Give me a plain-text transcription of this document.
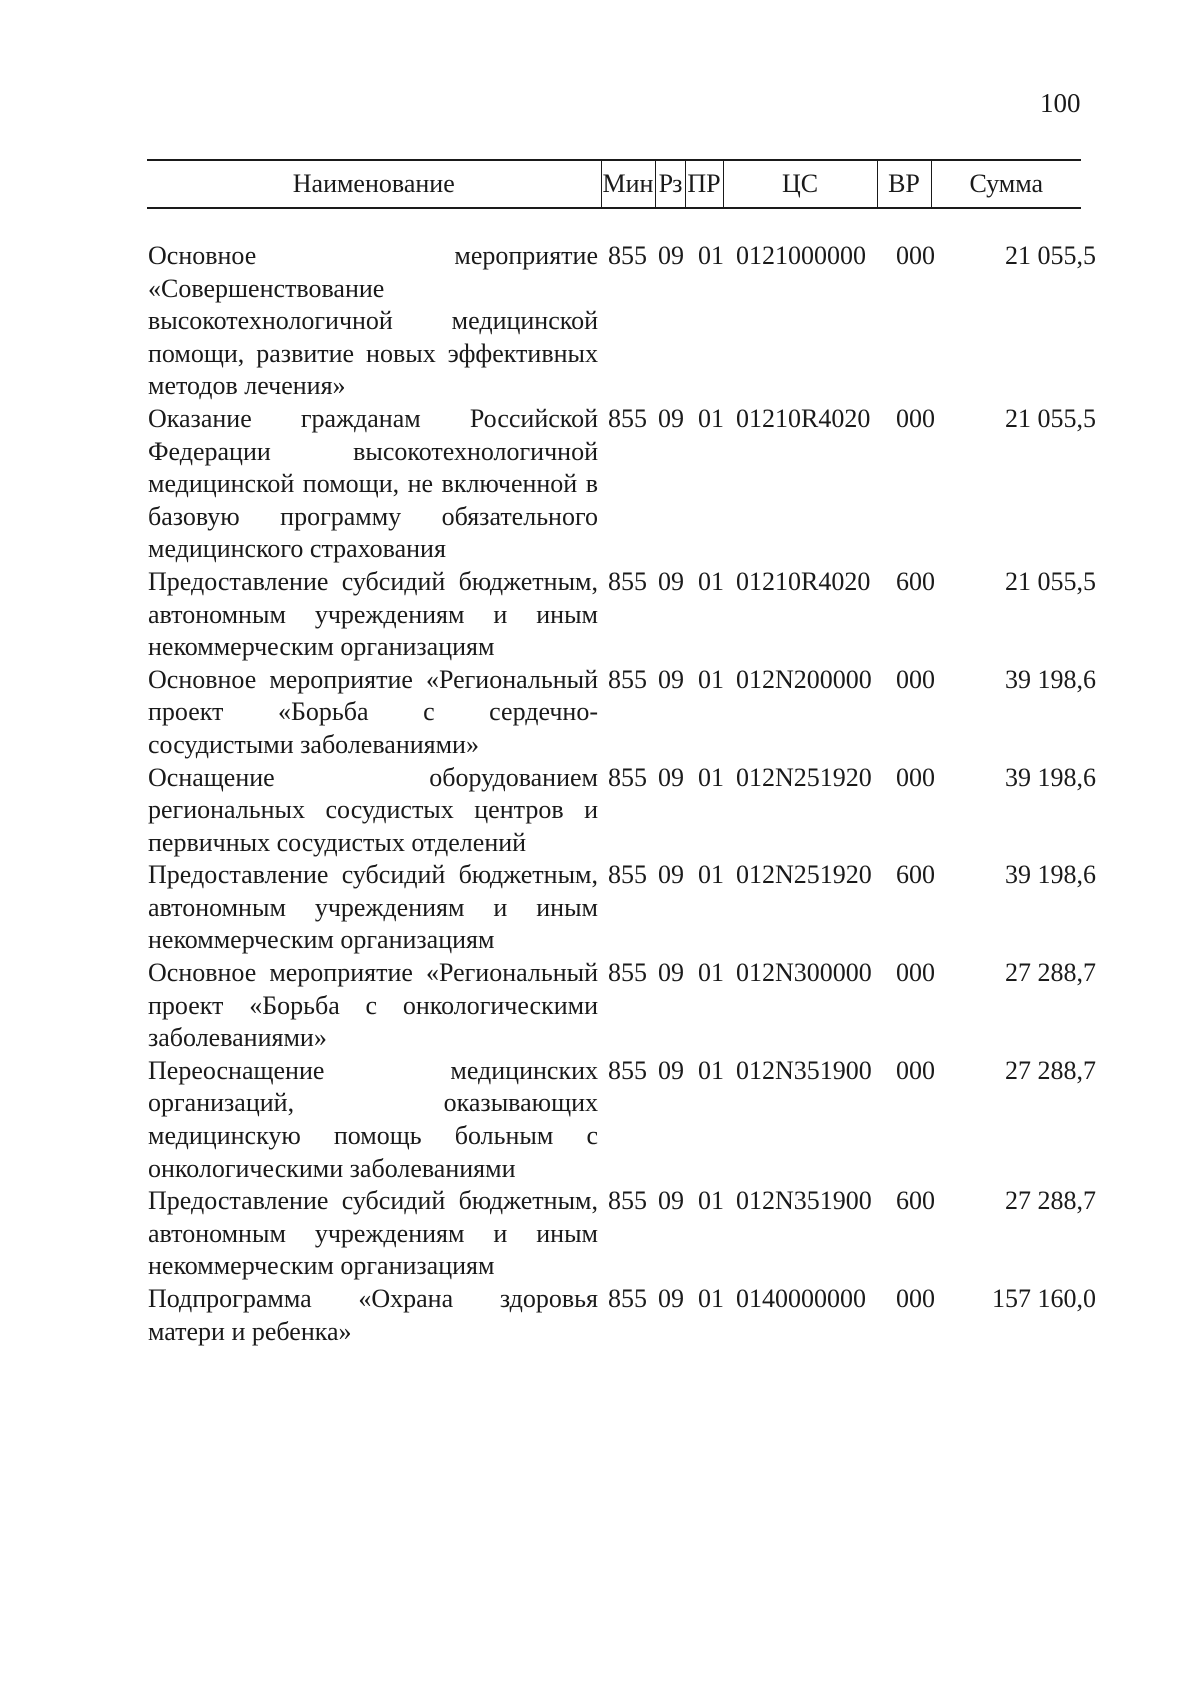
100
Наименование	Мин	Рз	ПР	ЦС	ВР	Сумма
Основное мероприятие «Совершенствование высокотехнологичной медицинской помощи, развитие новых эффективных методов лечения»
855 09 01 0121000000	000	21 055,5
Оказание гражданам Российской Федерации высокотехнологичной медицинской помощи, не включенной в базовую программу обязательного медицинского страхования
855 09 01 01210R4020 000	21 055,5
Предоставление субсидий бюджетным, автономным учреждениям и иным некоммерческим организациям
855 09 01 01210R4020 600	21 055,5
Основное мероприятие «Региональный проект «Борьба с сердечно-сосудистыми заболеваниями»
855 09 01 012N200000 000	39 198,6
Оснащение оборудованием региональных сосудистых центров и первичных сосудистых отделений
855 09 01 012N251920 000	39 198,6
Предоставление субсидий бюджетным, автономным учреждениям и иным некоммерческим организациям
855 09 01 012N251920 600	39 198,6
Основное мероприятие «Региональный проект «Борьба с онкологическими заболеваниями»
855 09 01 012N300000 000	27 288,7
Переоснащение медицинских организаций, оказывающих медицинскую помощь больным с онкологическими заболеваниями
855 09 01 012N351900 000	27 288,7
Предоставление субсидий бюджетным, автономным учреждениям и иным некоммерческим организациям
855 09 01 012N351900 600	27 288,7
Подпрограмма «Охрана здоровья матери и ребенка»
855 09 01 0140000000	000	157 160,0
